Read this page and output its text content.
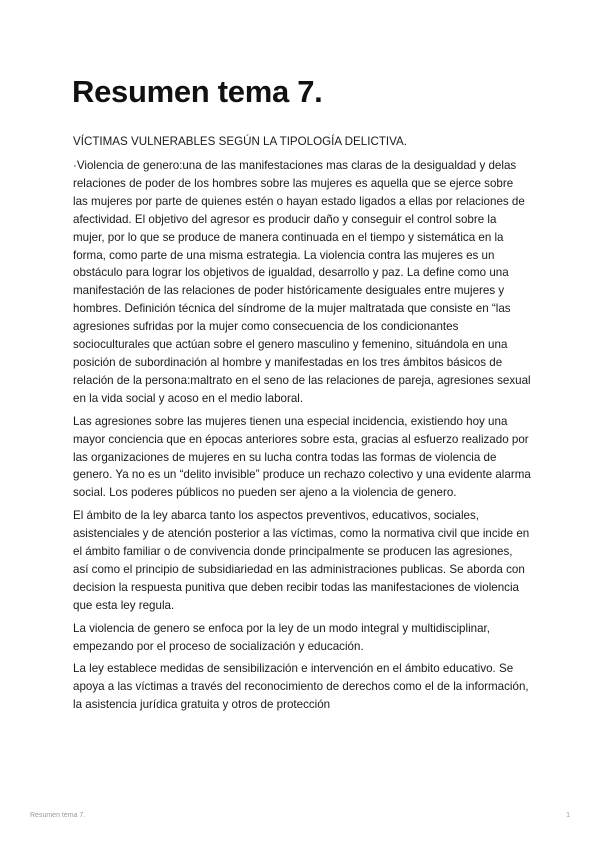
Resumen tema 7.

VÍCTIMAS VULNERABLES SEGÚN LA TIPOLOGÍA DELICTIVA.

·Violencia de genero:una de las manifestaciones mas claras de la desigualdad y delas relaciones de poder de los hombres sobre las mujeres es aquella que se ejerce sobre las mujeres por parte de quienes estén o hayan estado ligados a ellas por relaciones de afectividad. El objetivo del agresor es producir daño y conseguir el control sobre la mujer, por lo que se produce de manera continuada en el tiempo y sistemática en la forma, como parte de una misma estrategia. La violencia contra las mujeres es un obstáculo para lograr los objetivos de igualdad, desarrollo y paz. La define como una manifestación de las relaciones de poder históricamente desiguales entre mujeres y hombres. Definición técnica del síndrome de la mujer maltratada que consiste en “las agresiones sufridas por la mujer como consecuencia de los condicionantes socioculturales que actúan sobre el genero masculino y femenino, situándola en una posición de subordinación al hombre y manifestadas en los tres ámbitos básicos de relación de la persona:maltrato en el seno de las relaciones de pareja, agresiones sexual en la vida social y acoso en el medio laboral.

Las agresiones sobre las mujeres tienen una especial incidencia, existiendo hoy una mayor conciencia que en épocas anteriores sobre esta, gracias al esfuerzo realizado por las organizaciones de mujeres en su lucha contra todas las formas de violencia de genero. Ya no es un “delito invisible” produce un rechazo colectivo y una evidente alarma social. Los poderes públicos no pueden ser ajeno a la violencia de genero.

El ámbito de la ley abarca tanto los aspectos preventivos, educativos, sociales, asistenciales y de atención posterior a las víctimas, como la normativa civil que incide en el ámbito familiar o de convivencia donde principalmente se producen las agresiones, así como el principio de subsidiariedad en las administraciones publicas. Se aborda con decision la respuesta punitiva que deben recibir todas las manifestaciones de violencia que esta ley regula.

La violencia de genero se enfoca por la ley de un modo integral y multidisciplinar, empezando por el proceso de socialización y educación.

La ley establece medidas de sensibilización e intervención en el ámbito educativo. Se apoya a las víctimas a través del reconocimiento de derechos como el de la información, la asistencia jurídica gratuita y otros de protección

Resumen tema 7.	1
